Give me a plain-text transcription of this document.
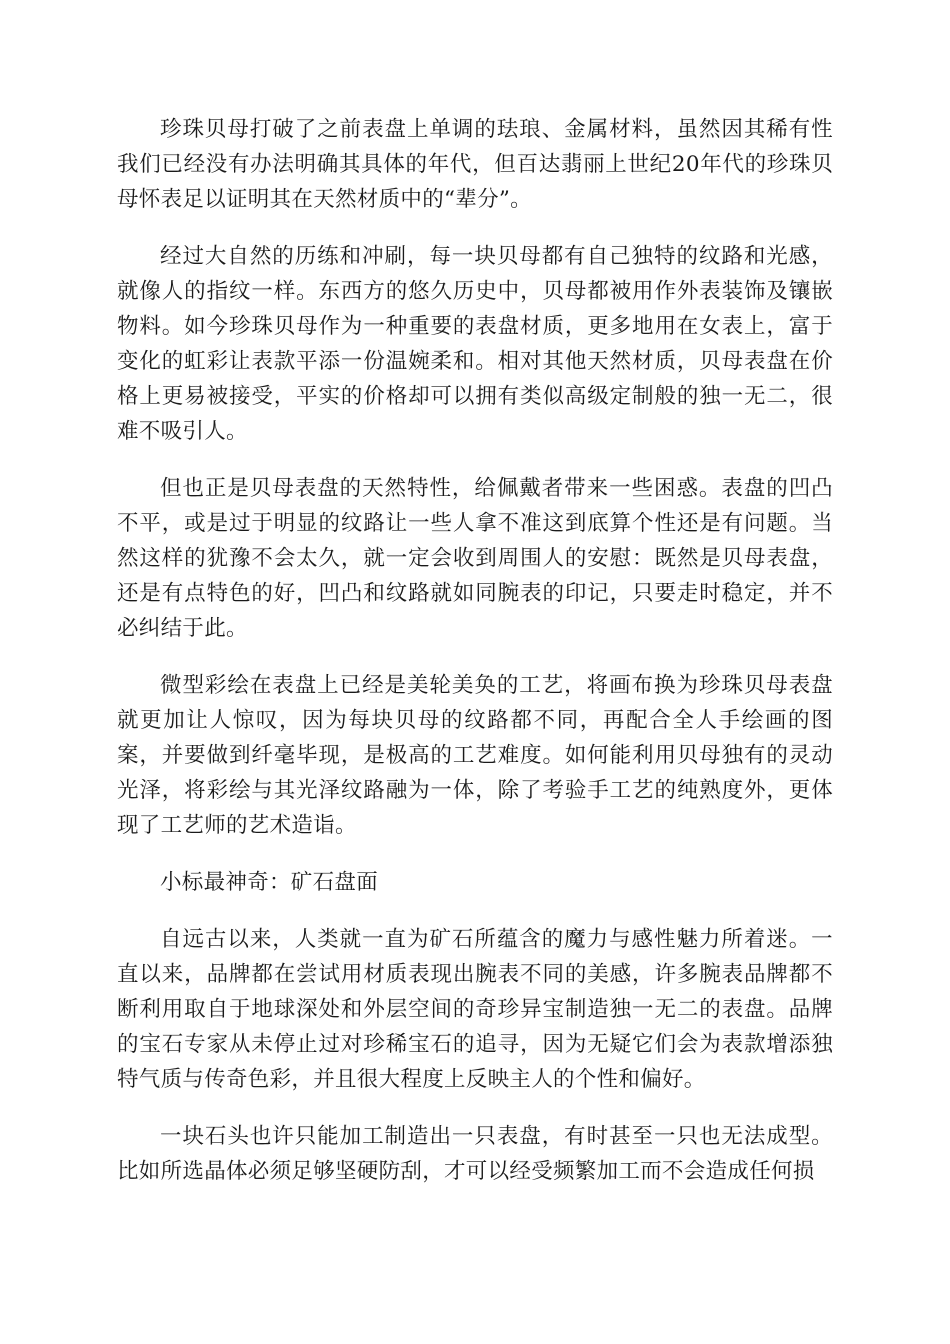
珍珠贝母打破了之前表盘上单调的珐琅、金属材料，虽然因其稀有性我们已经没有办法明确其具体的年代，但百达翡丽上世纪20年代的珍珠贝母怀表足以证明其在天然材质中的“辈分”。

经过大自然的历练和冲刷，每一块贝母都有自己独特的纹路和光感，就像人的指纹一样。东西方的悠久历史中，贝母都被用作外表装饰及镶嵌物料。如今珍珠贝母作为一种重要的表盘材质，更多地用在女表上，富于变化的虹彩让表款平添一份温婉柔和。相对其他天然材质，贝母表盘在价格上更易被接受，平实的价格却可以拥有类似高级定制般的独一无二，很难不吸引人。

但也正是贝母表盘的天然特性，给佩戴者带来一些困惑。表盘的凹凸不平，或是过于明显的纹路让一些人拿不准这到底算个性还是有问题。当然这样的犹豫不会太久，就一定会收到周围人的安慰：既然是贝母表盘，还是有点特色的好，凹凸和纹路就如同腕表的印记，只要走时稳定，并不必纠结于此。

微型彩绘在表盘上已经是美轮美奂的工艺，将画布换为珍珠贝母表盘就更加让人惊叹，因为每块贝母的纹路都不同，再配合全人手绘画的图案，并要做到纤毫毕现，是极高的工艺难度。如何能利用贝母独有的灵动光泽，将彩绘与其光泽纹路融为一体，除了考验手工艺的纯熟度外，更体现了工艺师的艺术造诣。

小标最神奇：矿石盘面

自远古以来，人类就一直为矿石所蕴含的魔力与感性魅力所着迷。一直以来，品牌都在尝试用材质表现出腕表不同的美感，许多腕表品牌都不断利用取自于地球深处和外层空间的奇珍异宝制造独一无二的表盘。品牌的宝石专家从未停止过对珍稀宝石的追寻，因为无疑它们会为表款增添独特气质与传奇色彩，并且很大程度上反映主人的个性和偏好。

一块石头也许只能加工制造出一只表盘，有时甚至一只也无法成型。比如所选晶体必须足够坚硬防刮，才可以经受频繁加工而不会造成任何损
